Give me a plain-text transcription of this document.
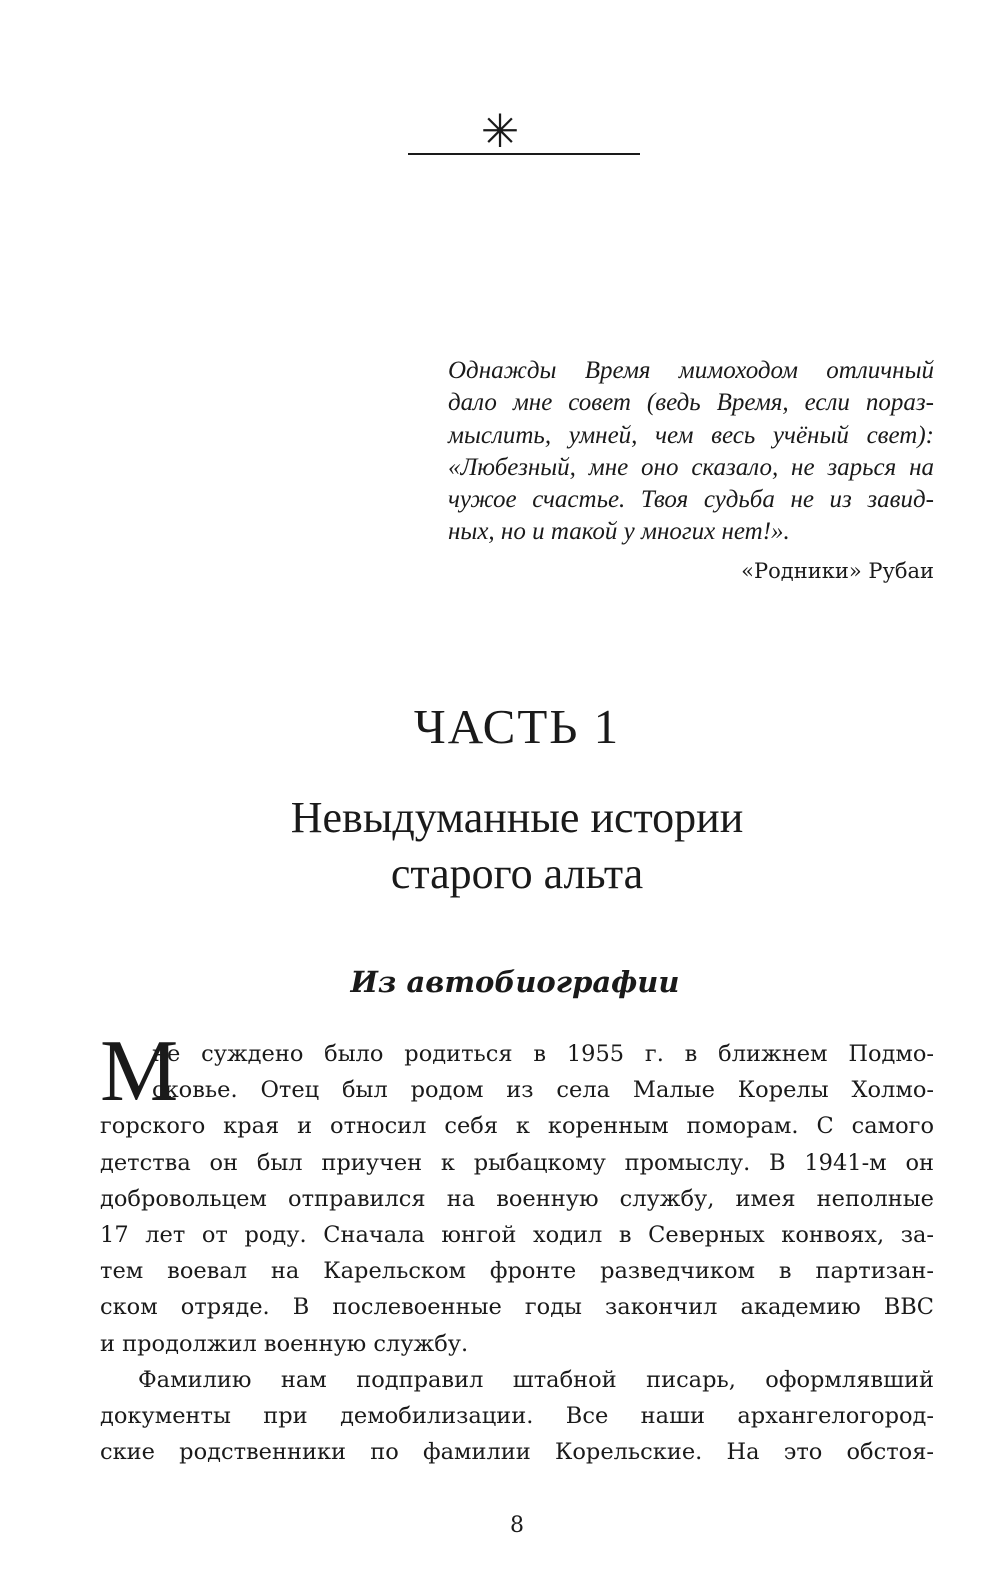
✳
Однажды Время мимоходом отличный
дало мне совет (ведь Время, если пораз-
мыслить, умней, чем весь учёный свет):
«Любезный, мне оно сказало, не зарься на
чужое счастье. Твоя судьба не из завид-
ных, но и такой у многих нет!».
«Родники» Рубаи
ЧАСТЬ 1
Невыдуманные истории
старого альта
Из автобиографии
М
не суждено было родиться в 1955 г. в ближнем Подмо-
сковье. Отец был родом из села Малые Корелы Холмо-
горского края и относил себя к коренным поморам. С самого
детства он был приучен к рыбацкому промыслу. В 1941-м он
добровольцем отправился на военную службу, имея неполные
17 лет от роду. Сначала юнгой ходил в Северных конвоях, за-
тем воевал на Карельском фронте разведчиком в партизан-
ском отряде. В послевоенные годы закончил академию ВВС
и продолжил военную службу.
Фамилию нам подправил штабной писарь, оформлявший
документы при демобилизации. Все наши архангелогород-
ские родственники по фамилии Корельские. На это обстоя-
8
